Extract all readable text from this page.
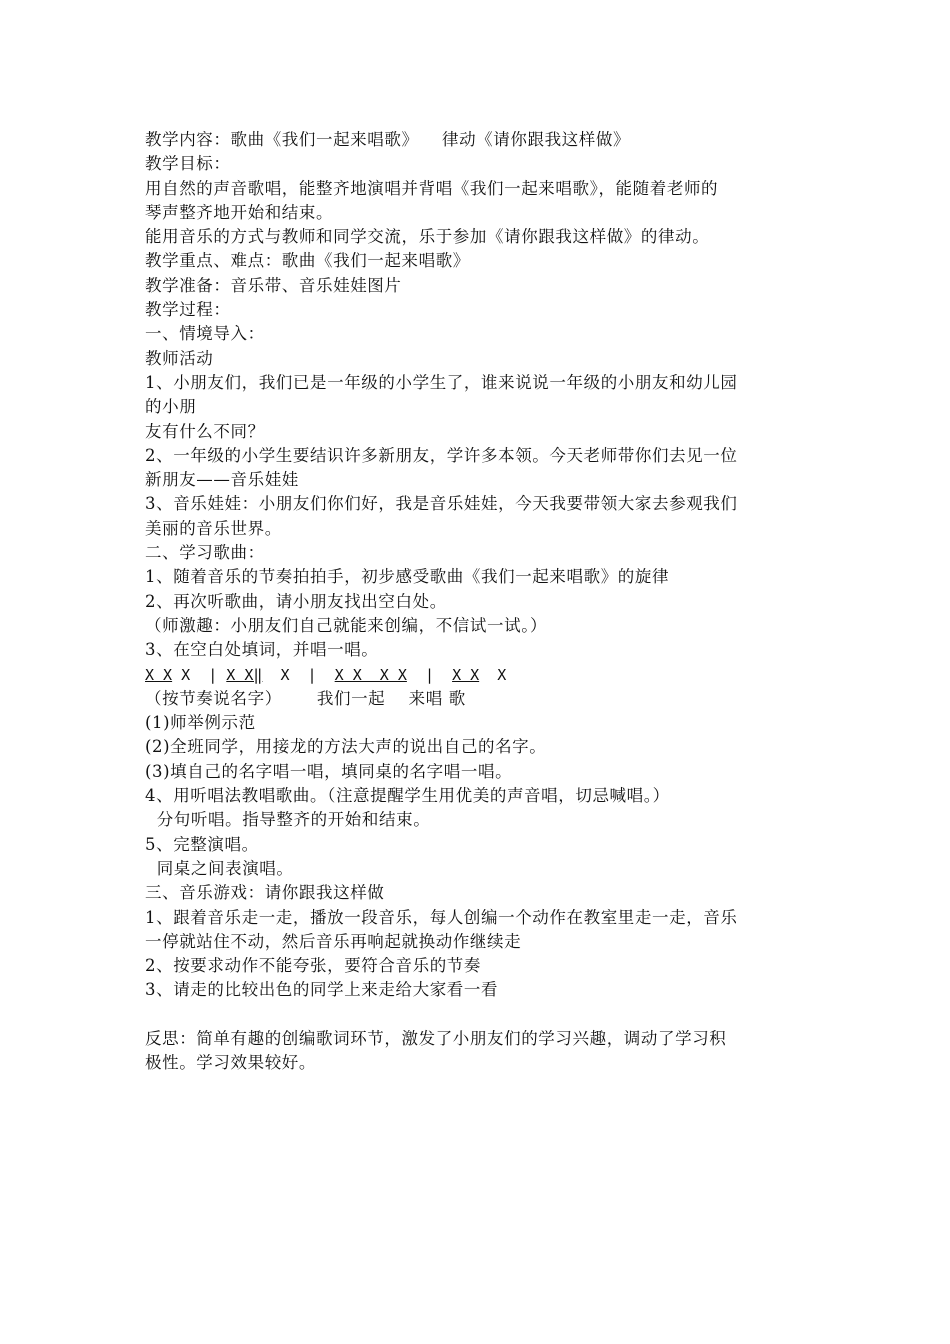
教学内容：歌曲《我们一起来唱歌》    律动《请你跟我这样做》
教学目标：
用自然的声音歌唱，能整齐地演唱并背唱《我们一起来唱歌》，能随着老师的
琴声整齐地开始和结束。
能用音乐的方式与教师和同学交流，乐于参加《请你跟我这样做》的律动。
教学重点、难点：歌曲《我们一起来唱歌》
教学准备：音乐带、音乐娃娃图片
教学过程：
一、情境导入：
教师活动
1、小朋友们，我们已是一年级的小学生了，谁来说说一年级的小朋友和幼儿园
的小朋
友有什么不同？
2、一年级的小学生要结识许多新朋友，学许多本领。今天老师带你们去见一位
新朋友——音乐娃娃
3、音乐娃娃：小朋友们你们好，我是音乐娃娃，今天我要带领大家去参观我们
美丽的音乐世界。
二、学习歌曲：
1、随着音乐的节奏拍拍手，初步感受歌曲《我们一起来唱歌》的旋律
2、再次听歌曲，请小朋友找出空白处。
（师激趣：小朋友们自己就能来创编，不信试一试。）
3、在空白处填词，并唱一唱。
X X X  | X X‖  X  |  X X  X X  |  X X  X
（按节奏说名字）      我们一起    来唱 歌
(1)师举例示范
(2)全班同学，用接龙的方法大声的说出自己的名字。
(3)填自己的名字唱一唱，填同桌的名字唱一唱。
4、用听唱法教唱歌曲。（注意提醒学生用优美的声音唱，切忌喊唱。）
分句听唱。指导整齐的开始和结束。
5、完整演唱。
同桌之间表演唱。
三、音乐游戏：请你跟我这样做
1、跟着音乐走一走，播放一段音乐，每人创编一个动作在教室里走一走，音乐
一停就站住不动，然后音乐再响起就换动作继续走
2、按要求动作不能夸张，要符合音乐的节奏
3、请走的比较出色的同学上来走给大家看一看
反思：简单有趣的创编歌词环节，激发了小朋友们的学习兴趣，调动了学习积
极性。学习效果较好。
